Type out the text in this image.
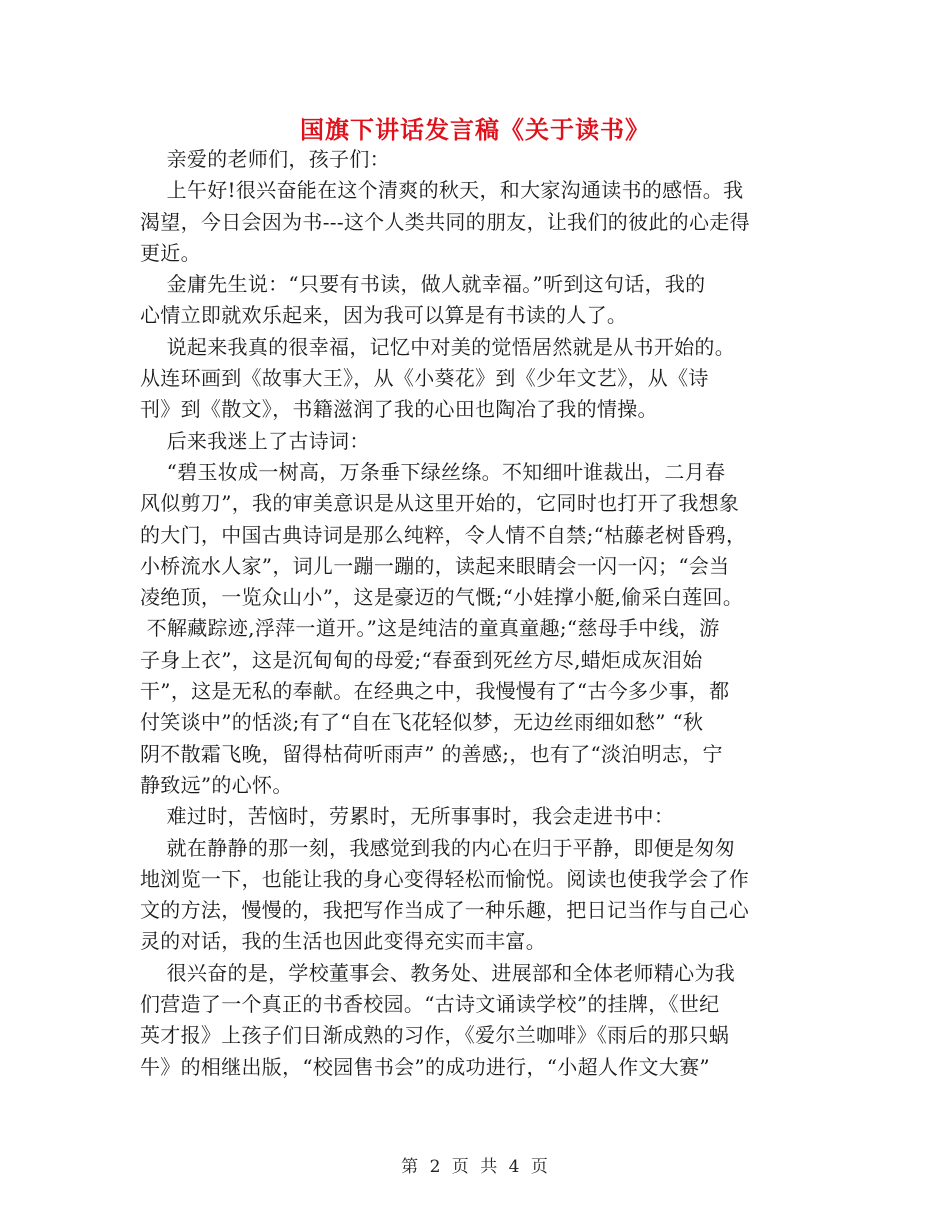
国旗下讲话发言稿《关于读书》
亲爱的老师们，孩子们：
上午好!很兴奋能在这个清爽的秋天，和大家沟通读书的感悟。我
渴望，今日会因为书---这个人类共同的朋友，让我们的彼此的心走得
更近。
金庸先生说：“只要有书读，做人就幸福。”听到这句话，我的
心情立即就欢乐起来，因为我可以算是有书读的人了。
说起来我真的很幸福，记忆中对美的觉悟居然就是从书开始的。
从连环画到《故事大王》，从《小葵花》到《少年文艺》，从《诗
刊》到《散文》，书籍滋润了我的心田也陶冶了我的情操。
后来我迷上了古诗词：
“碧玉妆成一树高，万条垂下绿丝绦。不知细叶谁裁出，二月春
风似剪刀”，我的审美意识是从这里开始的，它同时也打开了我想象
的大门，中国古典诗词是那么纯粹，令人情不自禁;“枯藤老树昏鸦，
小桥流水人家”，词儿一蹦一蹦的，读起来眼睛会一闪一闪；“会当
凌绝顶，一览众山小”，这是豪迈的气慨;“小娃撑小艇,偷采白莲回。
不解藏踪迹,浮萍一道开。”这是纯洁的童真童趣;“慈母手中线，游
子身上衣”，这是沉甸甸的母爱;“春蚕到死丝方尽,蜡炬成灰泪始
干”，这是无私的奉献。在经典之中，我慢慢有了“古今多少事，都
付笑谈中”的恬淡;有了“自在飞花轻似梦，无边丝雨细如愁” “秋
阴不散霜飞晚，留得枯荷听雨声” 的善感;，也有了“淡泊明志，宁
静致远”的心怀。
难过时，苦恼时，劳累时，无所事事时，我会走进书中：
就在静静的那一刻，我感觉到我的内心在归于平静，即便是匆匆
地浏览一下，也能让我的身心变得轻松而愉悦。阅读也使我学会了作
文的方法，慢慢的，我把写作当成了一种乐趣，把日记当作与自己心
灵的对话，我的生活也因此变得充实而丰富。
很兴奋的是，学校董事会、教务处、进展部和全体老师精心为我
们营造了一个真正的书香校园。“古诗文诵读学校”的挂牌，《世纪
英才报》上孩子们日渐成熟的习作，《爱尔兰咖啡》《雨后的那只蜗
牛》的相继出版，“校园售书会”的成功进行，“小超人作文大赛”
第 2 页 共 4 页
